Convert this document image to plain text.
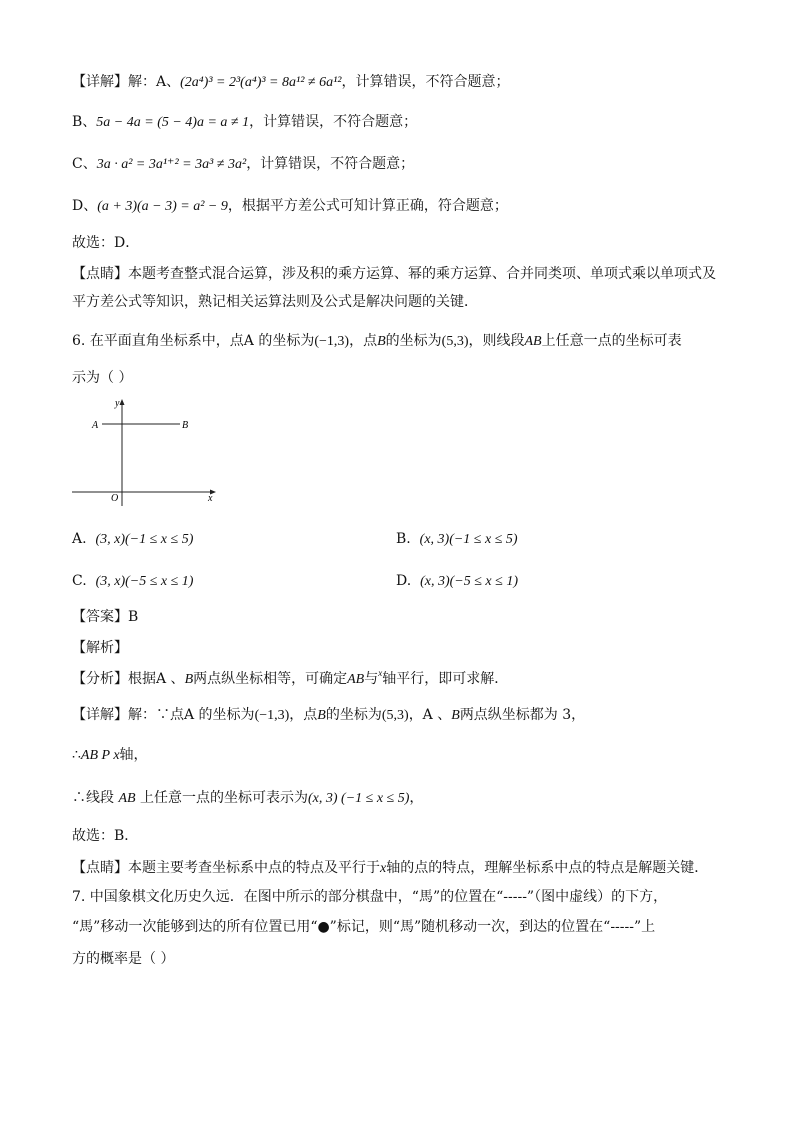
【详解】解：A、(2a⁴)³ = 2³(a⁴)³ = 8a¹² ≠ 6a¹²，计算错误，不符合题意；
B、5a − 4a = (5 − 4)a = a ≠ 1，计算错误，不符合题意；
C、3a · a² = 3a¹⁺² = 3a³ ≠ 3a²，计算错误，不符合题意；
D、(a + 3)(a − 3) = a² − 9，根据平方差公式可知计算正确，符合题意；
故选：D．
【点睛】本题考查整式混合运算，涉及积的乘方运算、幂的乘方运算、合并同类项、单项式乘以单项式及
平方差公式等知识，熟记相关运算法则及公式是解决问题的关键．
6. 在平面直角坐标系中，点A 的坐标为(−1,3)，点B的坐标为(5,3)，则线段AB上任意一点的坐标可表
示为（ ）
A	B
O	x
y
A. (3, x)(−1 ≤ x ≤ 5)	B. (x, 3)(−1 ≤ x ≤ 5)
C. (3, x)(−5 ≤ x ≤ 1)	D. (x, 3)(−5 ≤ x ≤ 1)
【答案】B
【解析】
【分析】根据A 、B两点纵坐标相等，可确定AB与$^x$轴平行，即可求解．
【详解】解：∵点A 的坐标为(−1,3)，点B的坐标为(5,3)，A 、B两点纵坐标都为 3，
∴AB P x轴，
∴线段 AB 上任意一点的坐标可表示为(x, 3) (−1 ≤ x ≤ 5)，
故选：B．
【点睛】本题主要考查坐标系中点的特点及平行于x轴的点的特点，理解坐标系中点的特点是解题关键．
7. 中国象棋文化历史久远．在图中所示的部分棋盘中，“馬”的位置在“-----”（图中虚线）的下方，
“馬”移动一次能够到达的所有位置已用“●”标记，则“馬”随机移动一次，到达的位置在“-----”上
方的概率是（ ）
